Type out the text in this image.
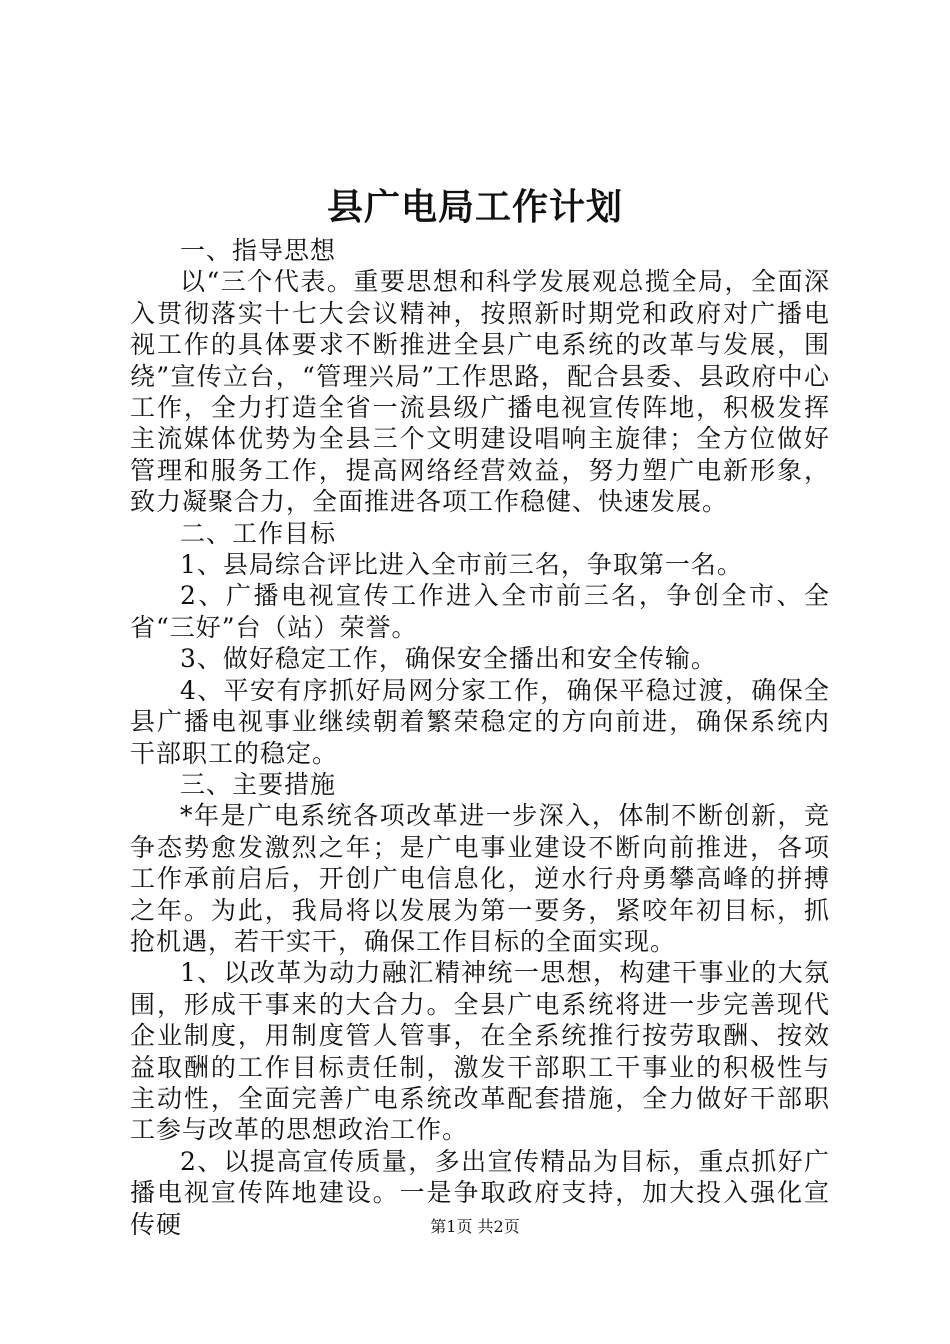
县广电局工作计划

一、指导思想

以“三个代表。重要思想和科学发展观总揽全局，全面深入贯彻落实十七大会议精神，按照新时期党和政府对广播电视工作的具体要求不断推进全县广电系统的改革与发展，围绕”宣传立台，“管理兴局”工作思路，配合县委、县政府中心工作，全力打造全省一流县级广播电视宣传阵地，积极发挥主流媒体优势为全县三个文明建设唱响主旋律；全方位做好管理和服务工作，提高网络经营效益，努力塑广电新形象，致力凝聚合力，全面推进各项工作稳健、快速发展。

二、工作目标

1、县局综合评比进入全市前三名，争取第一名。

2、广播电视宣传工作进入全市前三名，争创全市、全省“三好”台（站）荣誉。

3、做好稳定工作，确保安全播出和安全传输。

4、平安有序抓好局网分家工作，确保平稳过渡，确保全县广播电视事业继续朝着繁荣稳定的方向前进，确保系统内干部职工的稳定。

三、主要措施

*年是广电系统各项改革进一步深入，体制不断创新，竞争态势愈发激烈之年；是广电事业建设不断向前推进，各项工作承前启后，开创广电信息化，逆水行舟勇攀高峰的拼搏之年。为此，我局将以发展为第一要务，紧咬年初目标，抓抢机遇，若干实干，确保工作目标的全面实现。

1、以改革为动力融汇精神统一思想，构建干事业的大氛围，形成干事来的大合力。全县广电系统将进一步完善现代企业制度，用制度管人管事，在全系统推行按劳取酬、按效益取酬的工作目标责任制，激发干部职工干事业的积极性与主动性，全面完善广电系统改革配套措施，全力做好干部职工参与改革的思想政治工作。

2、以提高宣传质量，多出宣传精品为目标，重点抓好广播电视宣传阵地建设。一是争取政府支持，加大投入强化宣传硬	第1页 共2页
